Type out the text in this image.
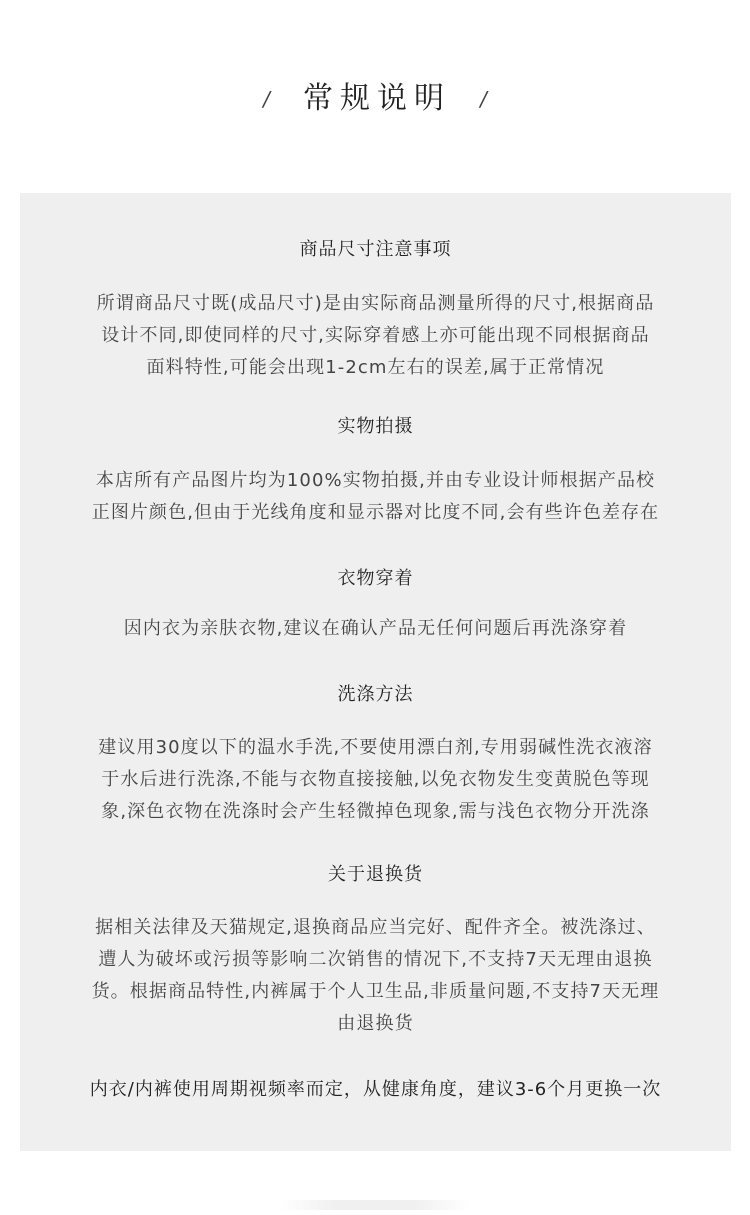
/ 常规说明 /
商品尺寸注意事项
所谓商品尺寸既(成品尺寸)是由实际商品测量所得的尺寸,根据商品
设计不同,即使同样的尺寸,实际穿着感上亦可能出现不同根据商品
面料特性,可能会出现1-2cm左右的误差,属于正常情况
实物拍摄
本店所有产品图片均为100%实物拍摄,并由专业设计师根据产品校
正图片颜色,但由于光线角度和显示器对比度不同,会有些许色差存在
衣物穿着
因内衣为亲肤衣物,建议在确认产品无任何问题后再洗涤穿着
洗涤方法
建议用30度以下的温水手洗,不要使用漂白剂,专用弱碱性洗衣液溶
于水后进行洗涤,不能与衣物直接接触,以免衣物发生变黄脱色等现
象,深色衣物在洗涤时会产生轻微掉色现象,需与浅色衣物分开洗涤
关于退换货
据相关法律及天猫规定,退换商品应当完好、配件齐全。被洗涤过、
遭人为破坏或污损等影响二次销售的情况下,不支持7天无理由退换
货。根据商品特性,内裤属于个人卫生品,非质量问题,不支持7天无理
由退换货
内衣/内裤使用周期视频率而定，从健康角度，建议3-6个月更换一次
